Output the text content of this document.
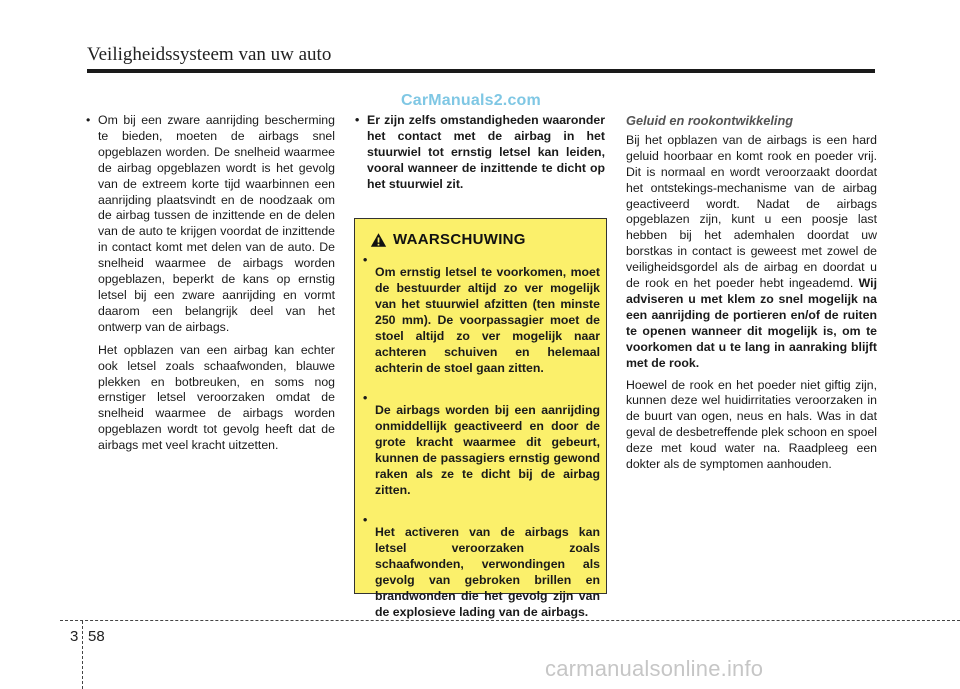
Veiligheidssysteem van uw auto
CarManuals2.com
• Om bij een zware aanrijding bescherming te bieden, moeten de airbags snel opgeblazen worden. De snelheid waarmee de airbag opgeblazen wordt is het gevolg van de extreem korte tijd waarbinnen een aanrijding plaatsvindt en de noodzaak om de airbag tussen de inzittende en de delen van de auto te krijgen voordat de inzittende in contact komt met delen van de auto. De snelheid waarmee de airbags worden opgeblazen, beperkt de kans op ernstig letsel bij een zware aanrijding en vormt daarom een belangrijk deel van het ontwerp van de airbags.

Het opblazen van een airbag kan echter ook letsel zoals schaafwonden, blauwe plekken en botbreuken, en soms nog ernstiger letsel veroorzaken omdat de snelheid waarmee de airbags worden opgeblazen wordt tot gevolg heeft dat de airbags met veel kracht uitzetten.

• Er zijn zelfs omstandigheden waaronder het contact met de airbag in het stuurwiel tot ernstig letsel kan leiden, vooral wanneer de inzittende te dicht op het stuurwiel zit.

WAARSCHUWING
•

Om ernstig letsel te voorkomen, moet de bestuurder altijd zo ver mogelijk van het stuurwiel afzitten (ten minste 250 mm). De voorpassagier moet de stoel altijd zo ver mogelijk naar achteren schuiven en helemaal achterin de stoel gaan zitten.

•

De airbags worden bij een aanrijding onmiddellijk geactiveerd en door de grote kracht waarmee dit gebeurt, kunnen de passagiers ernstig gewond raken als ze te dicht bij de airbag zitten.

•

Het activeren van de airbags kan letsel veroorzaken zoals schaafwonden, verwondingen als gevolg van gebroken brillen en brandwonden die het gevolg zijn van de explosieve lading van de airbags.

Geluid en rookontwikkeling

Bij het opblazen van de airbags is een hard geluid hoorbaar en komt rook en poeder vrij. Dit is normaal en wordt veroorzaakt doordat het ontstekings-mechanisme van de airbag geactiveerd wordt. Nadat de airbags opgeblazen zijn, kunt u een poosje last hebben bij het ademhalen doordat uw borstkas in contact is geweest met zowel de veiligheidsgordel als de airbag en doordat u de rook en het poeder hebt ingeademd. Wij adviseren u met klem zo snel mogelijk na een aanrijding de portieren en/of de ruiten te openen wanneer dit mogelijk is, om te voorkomen dat u te lang in aanraking blijft met de rook.

Hoewel de rook en het poeder niet giftig zijn, kunnen deze wel huidirritaties veroorzaken in de buurt van ogen, neus en hals. Was in dat geval de desbetreffende plek schoon en spoel deze met koud water na. Raadpleeg een dokter als de symptomen aanhouden.

3 58
carmanualsonline.info
